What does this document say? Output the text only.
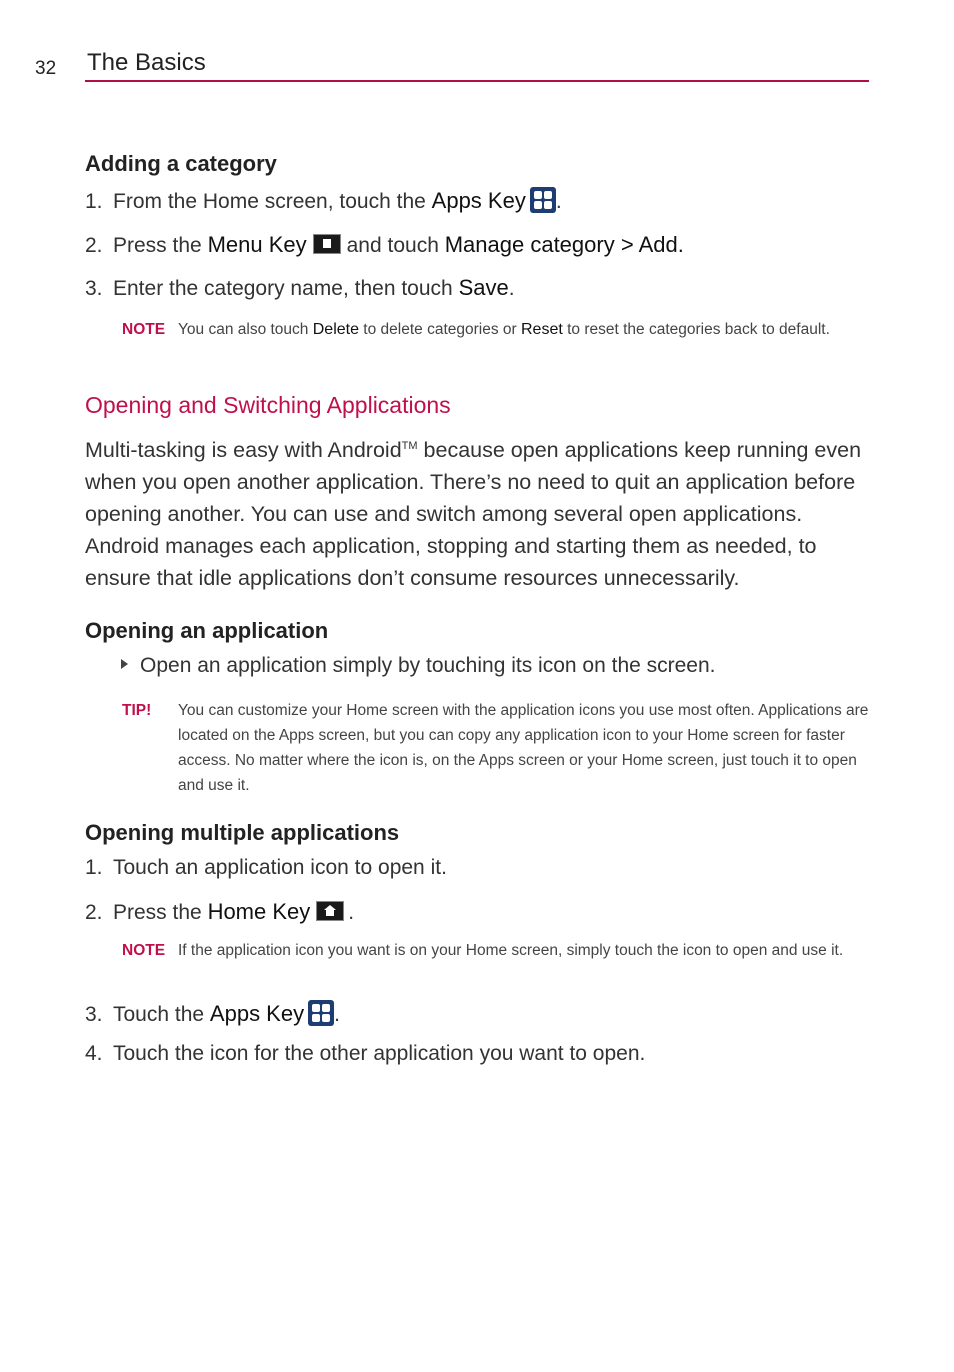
32 The Basics
Adding a category
1. From the Home screen, touch the Apps Key .
2. Press the Menu Key and touch Manage category > Add.
3. Enter the category name, then touch Save.
NOTE You can also touch Delete to delete categories or Reset to reset the categories back to default.
Opening and Switching Applications
Multi-tasking is easy with Android™ because open applications keep running even when you open another application. There’s no need to quit an application before opening another. You can use and switch among several open applications. Android manages each application, stopping and starting them as needed, to ensure that idle applications don’t consume resources unnecessarily.
Opening an application
Open an application simply by touching its icon on the screen.
TIP! You can customize your Home screen with the application icons you use most often. Applications are located on the Apps screen, but you can copy any application icon to your Home screen for faster access. No matter where the icon is, on the Apps screen or your Home screen, just touch it to open and use it.
Opening multiple applications
1. Touch an application icon to open it.
2. Press the Home Key .
NOTE If the application icon you want is on your Home screen, simply touch the icon to open and use it.
3. Touch the Apps Key .
4. Touch the icon for the other application you want to open.
